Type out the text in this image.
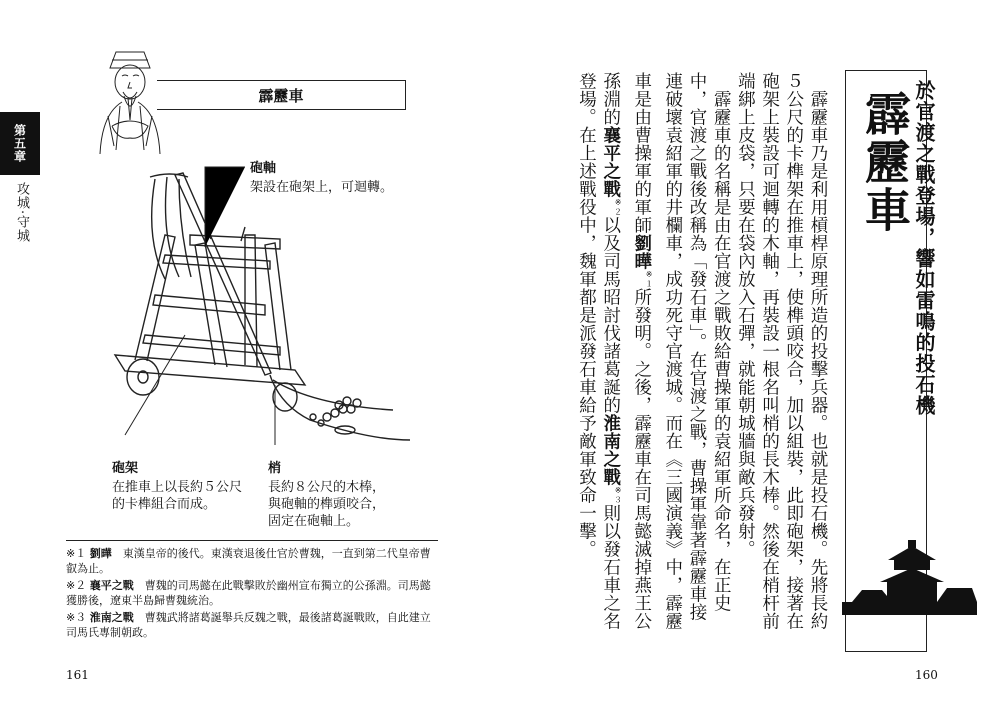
第五章
攻城‧守城
霹靂車
砲軸
架設在砲架上，可迴轉。
砲架
在推車上以長約５公尺
的卡榫組合而成。
梢
長約８公尺的木棒，
與砲軸的榫頭咬合，
固定在砲軸上。

※１ 劉曄　 東漢皇帝的後代。東漢衰退後仕官於曹魏，一直到第二代皇帝曹叡為止。

※２ 襄平之戰　 曹魏的司馬懿在此戰擊敗於幽州宣布獨立的公孫淵。司馬懿獲勝後，遼東半島歸曹魏統治。

※３ 淮南之戰　 曹魏武將諸葛誕舉兵反魏之戰，最後諸葛誕戰敗，自此建立司馬氏專制朝政。

161
於官渡之戰登場，響如雷鳴的投石機
霹靂車

　霹靂車乃是利用槓桿原理所造的投擊兵器。也就是投石機。先將長約５公尺的卡榫架在推車上，使榫頭咬合，加以組裝，此即砲架，接著在砲架上裝設可迴轉的木軸，再裝設一根名叫梢的長木棒。然後在梢杆前端綁上皮袋，只要在袋內放入石彈，就能朝城牆與敵兵發射。

　霹靂車的名稱是由在官渡之戰敗給曹操軍的袁紹軍所命名，在正史中，官渡之戰後改稱為「發石車」。在官渡之戰，曹操軍靠著霹靂車接連破壞袁紹軍的井欄車，成功死守官渡城。而在《三國演義》中，霹靂車是由曹操軍的軍師劉曄$^{※1}$所發明。之後，霹靂車在司馬懿滅掉燕王公孫淵的襄平之戰$^{※2}$以及司馬昭討伐諸葛誕的淮南之戰$^{※3}$則以發石車之名登場。在上述戰役中，魏軍都是派發石車給予敵軍致命一擊。

160
